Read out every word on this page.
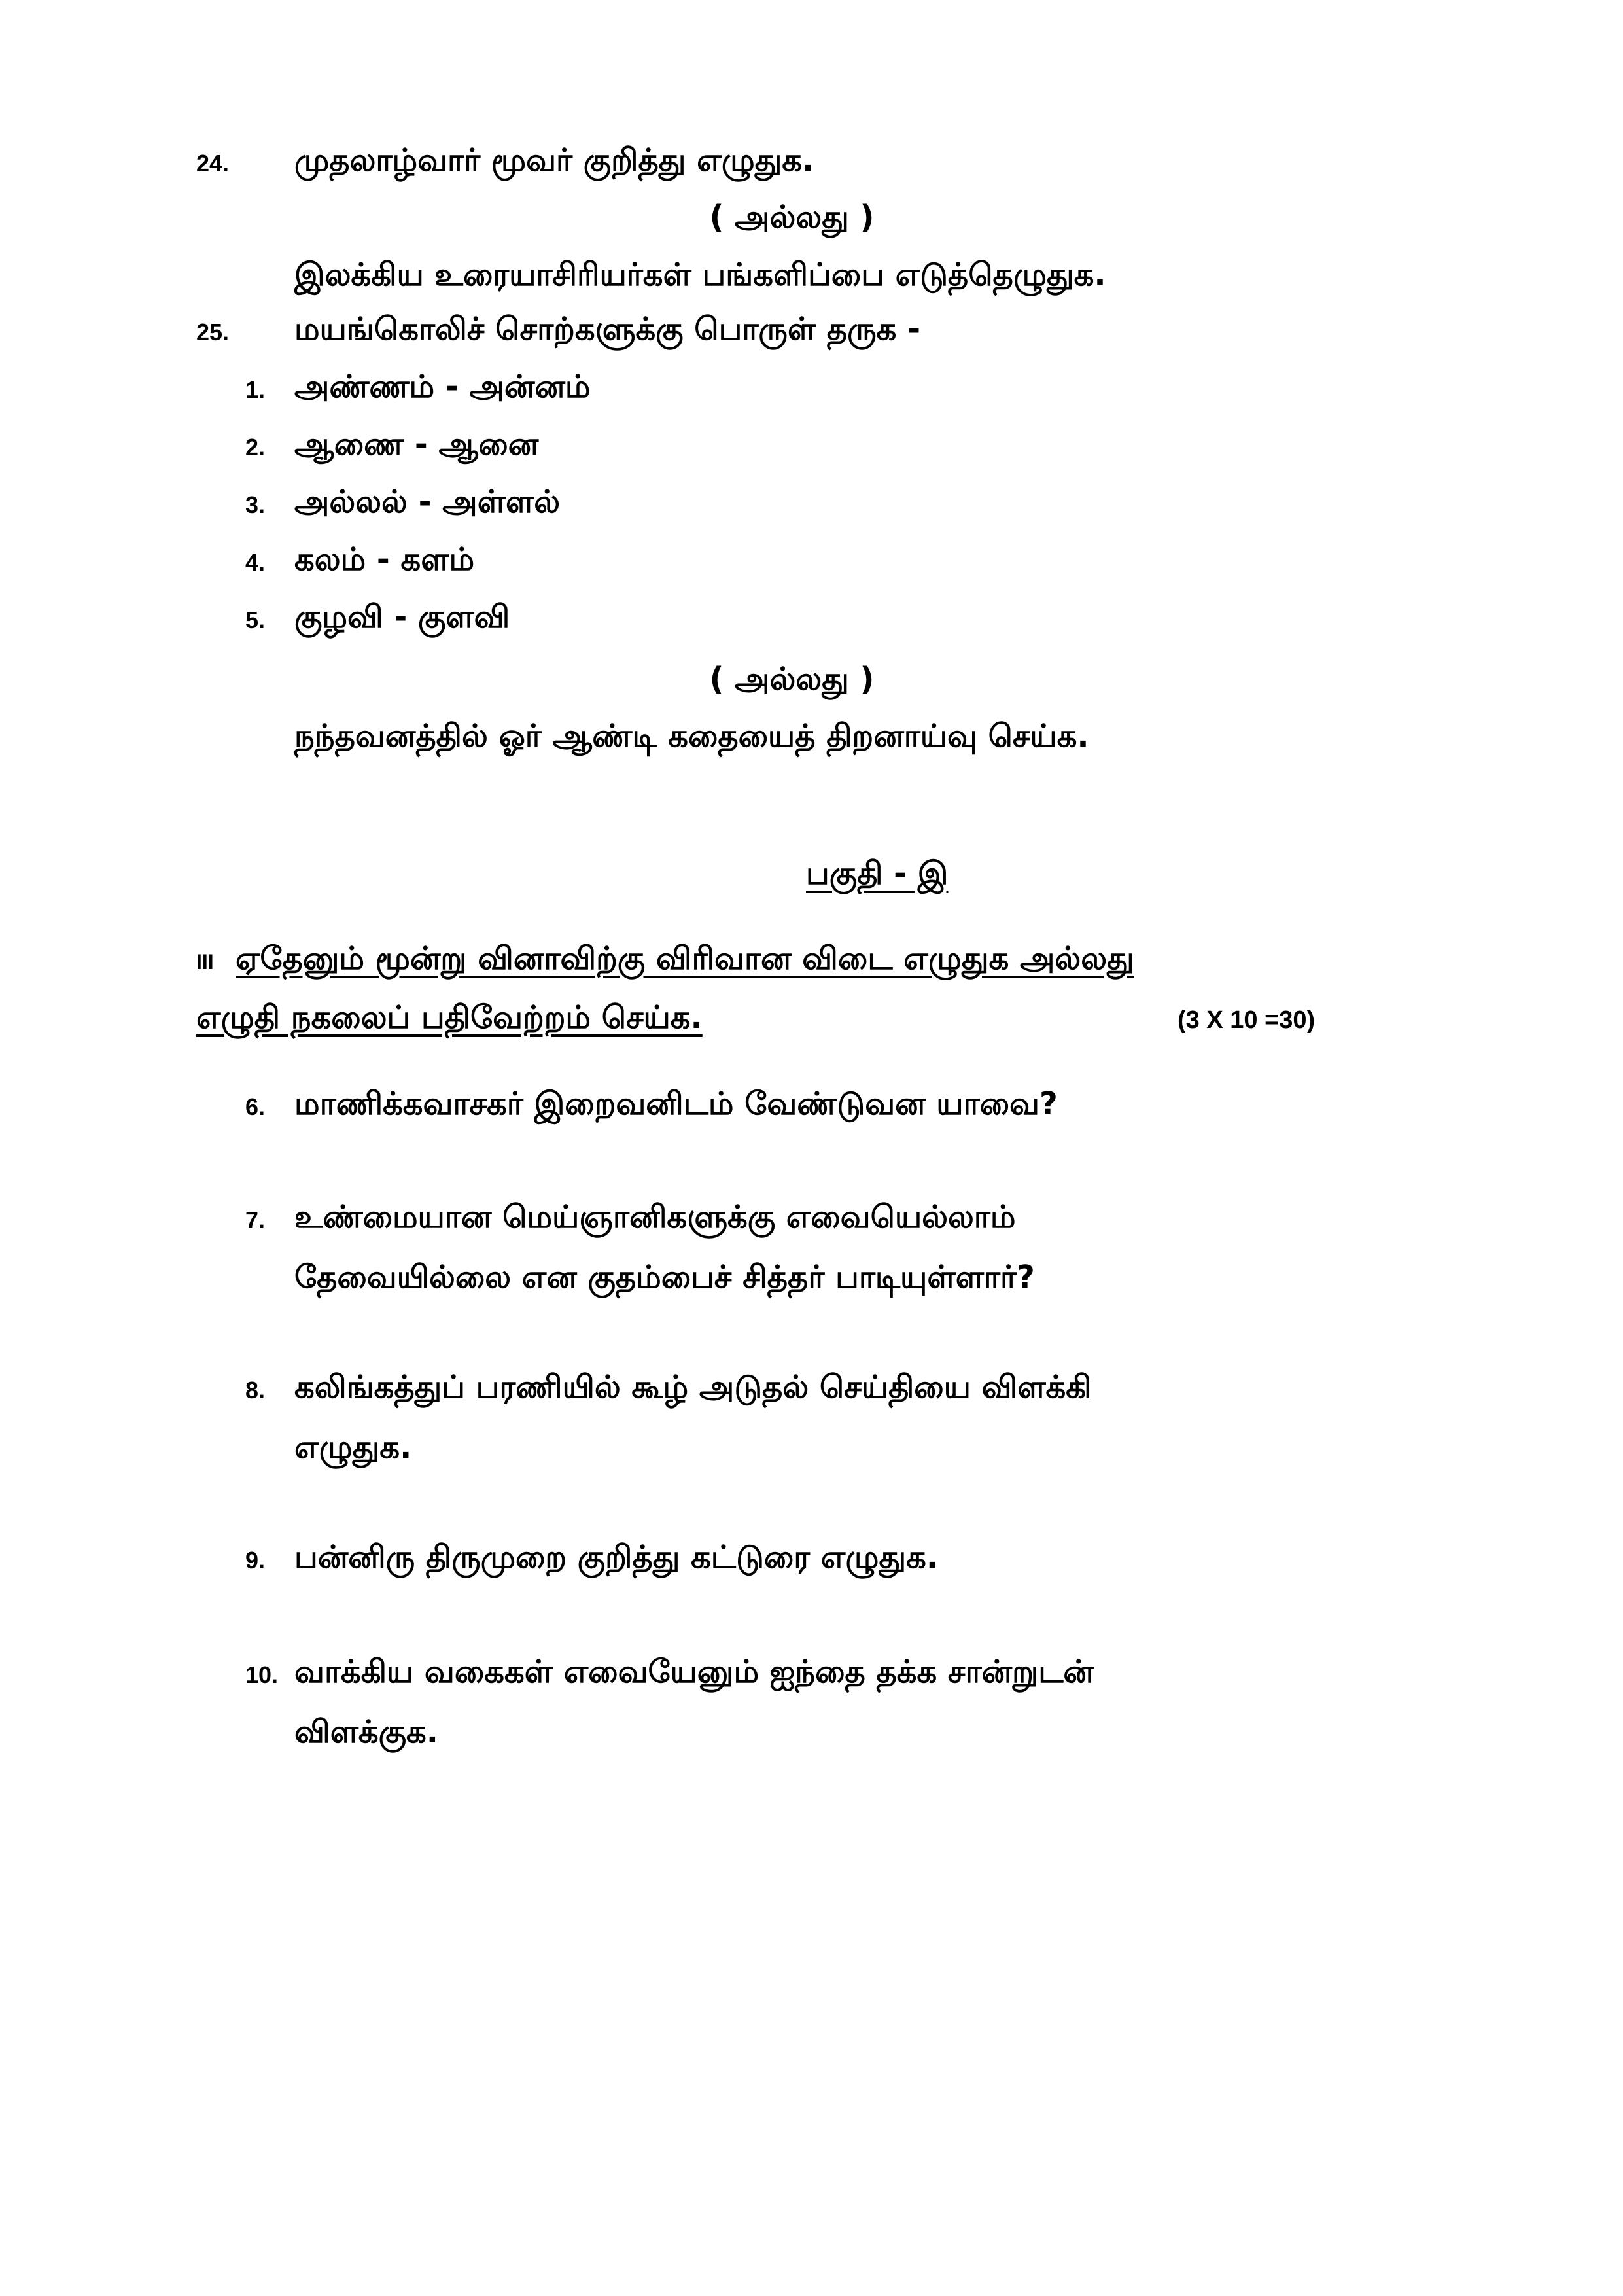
24. முதலாழ்வார் மூவர் குறித்து எழுதுக.
( அல்லது )
இலக்கிய உரையாசிரியர்கள் பங்களிப்பை எடுத்தெழுதுக.
25. மயங்கொலிச் சொற்களுக்கு பொருள் தருக -
1. அண்ணம் - அன்னம்
2. ஆணை - ஆனை
3. அல்லல் - அள்ளல்
4. கலம் - களம்
5. குழவி - குளவி
( அல்லது )
நந்தவனத்தில் ஓர் ஆண்டி கதையைத் திறனாய்வு செய்க.
பகுதி - இ
III ஏதேனும் மூன்று வினாவிற்கு விரிவான விடை எழுதுக அல்லது
எழுதி நகலைப் பதிவேற்றம் செய்க.	(3 X 10 =30)
6. மாணிக்கவாசகர் இறைவனிடம் வேண்டுவன யாவை?
7. உண்மையான மெய்ஞானிகளுக்கு எவையெல்லாம்
தேவையில்லை என குதம்பைச் சித்தர் பாடியுள்ளார்?
8. கலிங்கத்துப் பரணியில் கூழ் அடுதல் செய்தியை விளக்கி
எழுதுக.
9. பன்னிரு திருமுறை குறித்து கட்டுரை எழுதுக.
10. வாக்கிய வகைகள் எவையேனும் ஐந்தை தக்க சான்றுடன்
விளக்குக.
